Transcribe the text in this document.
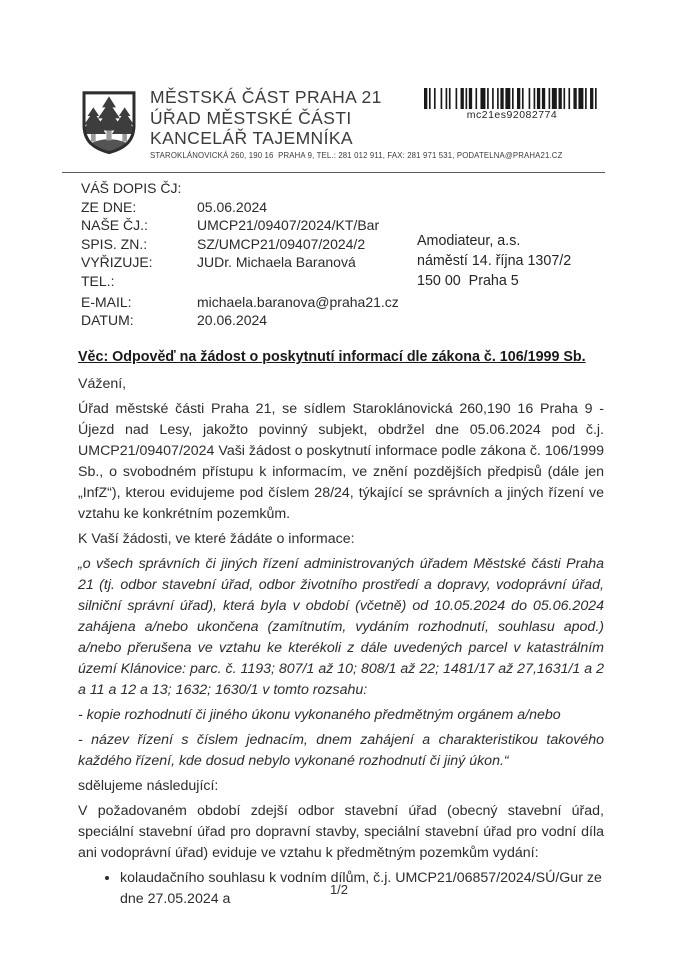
MĚSTSKÁ ČÁST PRAHA 21
ÚŘAD MĚSTSKÉ ČÁSTI
KANCELÁŘ TAJEMNÍKA
STAROKLÁNOVICKÁ 260, 190 16  PRAHA 9, TEL.: 281 012 911, FAX: 281 971 531, PODATELNA@PRAHA21.CZ
mc21es92082774
VÁŠ DOPIS ČJ:
ZE DNE:	05.06.2024
NAŠE ČJ.:	UMCP21/09407/2024/KT/Bar
SPIS. ZN.:	SZ/UMCP21/09407/2024/2
VYŘIZUJE:	JUDr. Michaela Baranová
TEL.:
E-MAIL:	michaela.baranova@praha21.cz
DATUM:	20.06.2024
Amodiateur, a.s.
náměstí 14. října 1307/2
150 00  Praha 5
Věc: Odpověď na žádost o poskytnutí informací dle zákona č. 106/1999 Sb.

Vážení,

Úřad městské části Praha 21, se sídlem Staroklánovická 260,190 16 Praha 9 - Újezd nad Lesy, jakožto povinný subjekt, obdržel dne 05.06.2024 pod č.j. UMCP21/09407/2024 Vaši žádost o poskytnutí informace podle zákona č. 106/1999 Sb., o svobodném přístupu k informacím, ve znění pozdějších předpisů (dále jen „InfZ“), kterou evidujeme pod číslem 28/24, týkající se správních a jiných řízení ve vztahu ke konkrétním pozemkům.

K Vaší žádosti, ve které žádáte o informace:

„o všech správních či jiných řízení administrovaných úřadem Městské části Praha 21 (tj. odbor stavební úřad, odbor životního prostředí a dopravy, vodoprávní úřad, silniční správní úřad), která byla v období (včetně) od 10.05.2024 do 05.06.2024 zahájena a/nebo ukončena (zamítnutím, vydáním rozhodnutí, souhlasu apod.) a/nebo přerušena ve vztahu ke kterékoli z dále uvedených parcel v katastrálním území Klánovice: parc. č. 1193; 807/1 až 10; 808/1 až 22; 1481/17 až 27,1631/1 a 2 a 11 a 12 a 13; 1632; 1630/1 v tomto rozsahu:

- kopie rozhodnutí či jiného úkonu vykonaného předmětným orgánem a/nebo

- název řízení s číslem jednacím, dnem zahájení a charakteristikou takového každého řízení, kde dosud nebylo vykonané rozhodnutí či jiný úkon.“

sdělujeme následující:

V požadovaném období zdejší odbor stavební úřad (obecný stavební úřad, speciální stavební úřad pro dopravní stavby, speciální stavební úřad pro vodní díla ani vodoprávní úřad) eviduje ve vztahu k předmětným pozemkům vydání:

• kolaudačního souhlasu k vodním dílům, č.j. UMCP21/06857/2024/SÚ/Gur ze dne 27.05.2024 a
1/2
